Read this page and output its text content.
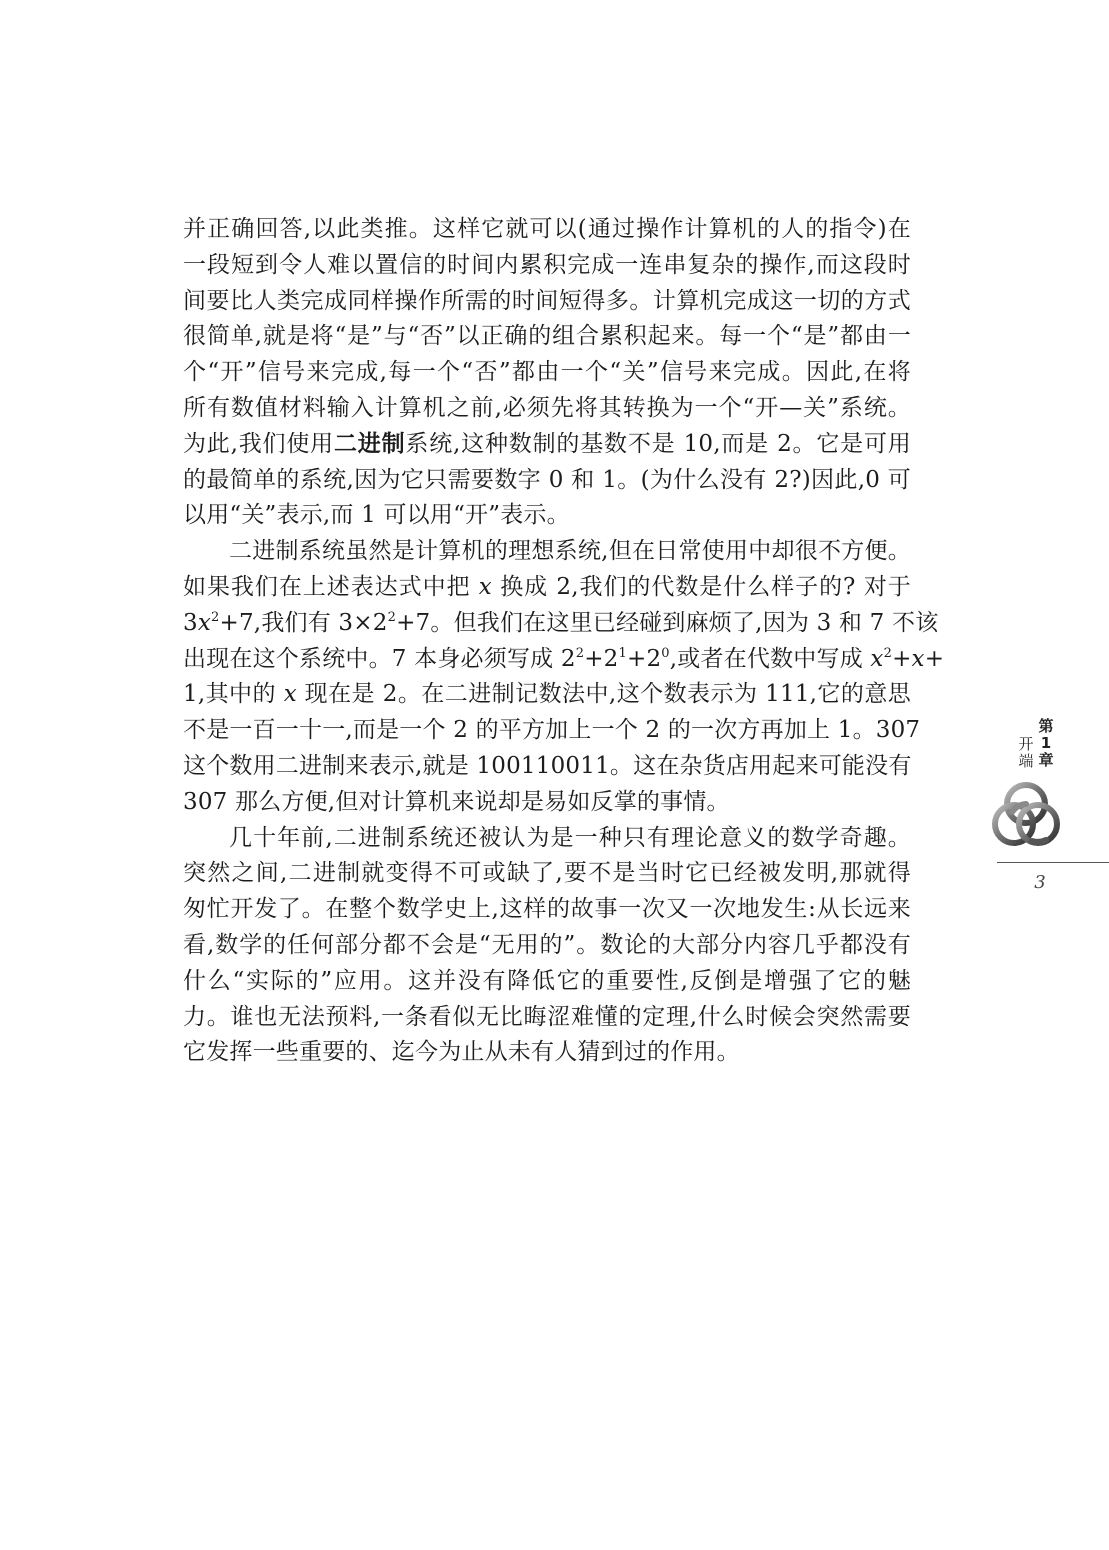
并正确回答,以此类推。这样它就可以(通过操作计算机的人的指令)在
一段短到令人难以置信的时间内累积完成一连串复杂的操作,而这段时
间要比人类完成同样操作所需的时间短得多。计算机完成这一切的方式
很简单,就是将“是”与“否”以正确的组合累积起来。每一个“是”都由一
个“开”信号来完成,每一个“否”都由一个“关”信号来完成。因此,在将
所有数值材料输入计算机之前,必须先将其转换为一个“开—关”系统。
为此,我们使用二进制系统,这种数制的基数不是 10,而是 2。它是可用
的最简单的系统,因为它只需要数字 0 和 1。(为什么没有 2?)因此,0 可
以用“关”表示,而 1 可以用“开”表示。

二进制系统虽然是计算机的理想系统,但在日常使用中却很不方便。
如果我们在上述表达式中把 x 换成 2,我们的代数是什么样子的? 对于
$3x^2+7$,我们有 $3\times 2^2+7$。但我们在这里已经碰到麻烦了,因为 3 和 7 不该
出现在这个系统中。7 本身必须写成 $2^2+2^1+2^0$,或者在代数中写成 $x^2+x+$
1,其中的 x 现在是 2。在二进制记数法中,这个数表示为 111,它的意思
不是一百一十一,而是一个 2 的平方加上一个 2 的一次方再加上 1。307
这个数用二进制来表示,就是 100110011。这在杂货店用起来可能没有
307 那么方便,但对计算机来说却是易如反掌的事情。

几十年前,二进制系统还被认为是一种只有理论意义的数学奇趣。
突然之间,二进制就变得不可或缺了,要不是当时它已经被发明,那就得
匆忙开发了。在整个数学史上,这样的故事一次又一次地发生:从长远来
看,数学的任何部分都不会是“无用的”。数论的大部分内容几乎都没有
什么“实际的”应用。这并没有降低它的重要性,反倒是增强了它的魅
力。谁也无法预料,一条看似无比晦涩难懂的定理,什么时候会突然需要
它发挥一些重要的、迄今为止从未有人猜到过的作用。

第
1
章
开
端
3
